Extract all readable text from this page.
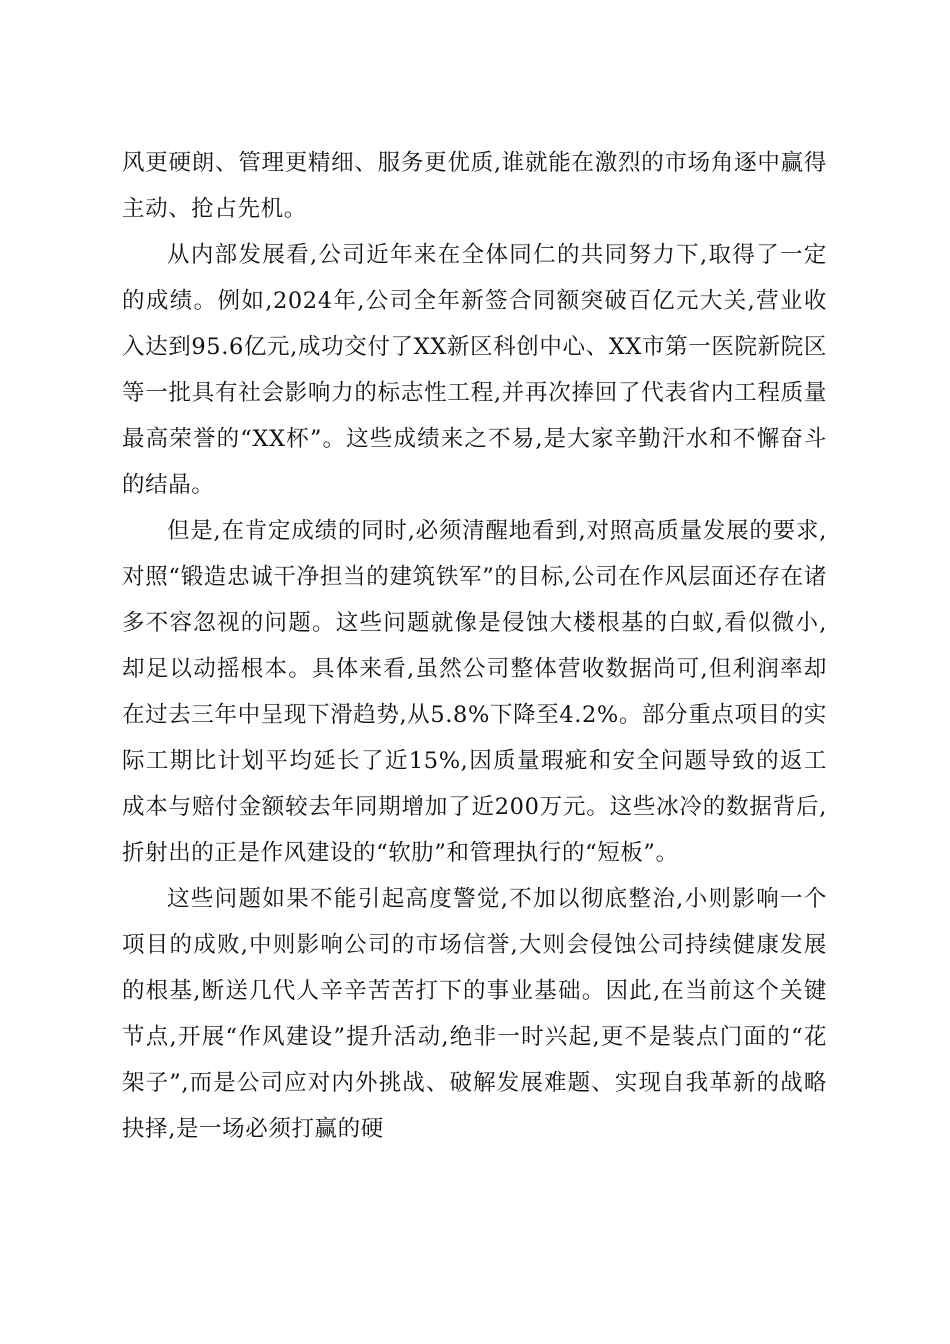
风更硬朗、管理更精细、服务更优质,谁就能在激烈的市场角逐中赢得主动、抢占先机。

从内部发展看,公司近年来在全体同仁的共同努力下,取得了一定的成绩。例如,2024年,公司全年新签合同额突破百亿元大关,营业收入达到95.6亿元,成功交付了XX新区科创中心、XX市第一医院新院区等一批具有社会影响力的标志性工程,并再次捧回了代表省内工程质量最高荣誉的“XX杯”。这些成绩来之不易,是大家辛勤汗水和不懈奋斗的结晶。

但是,在肯定成绩的同时,必须清醒地看到,对照高质量发展的要求,对照“锻造忠诚干净担当的建筑铁军”的目标,公司在作风层面还存在诸多不容忽视的问题。这些问题就像是侵蚀大楼根基的白蚁,看似微小,却足以动摇根本。具体来看,虽然公司整体营收数据尚可,但利润率却在过去三年中呈现下滑趋势,从5.8%下降至4.2%。部分重点项目的实际工期比计划平均延长了近15%,因质量瑕疵和安全问题导致的返工成本与赔付金额较去年同期增加了近200万元。这些冰冷的数据背后,折射出的正是作风建设的“软肋”和管理执行的“短板”。

这些问题如果不能引起高度警觉,不加以彻底整治,小则影响一个项目的成败,中则影响公司的市场信誉,大则会侵蚀公司持续健康发展的根基,断送几代人辛辛苦苦打下的事业基础。因此,在当前这个关键节点,开展“作风建设”提升活动,绝非一时兴起,更不是装点门面的“花架子”,而是公司应对内外挑战、破解发展难题、实现自我革新的战略抉择,是一场必须打赢的硬
